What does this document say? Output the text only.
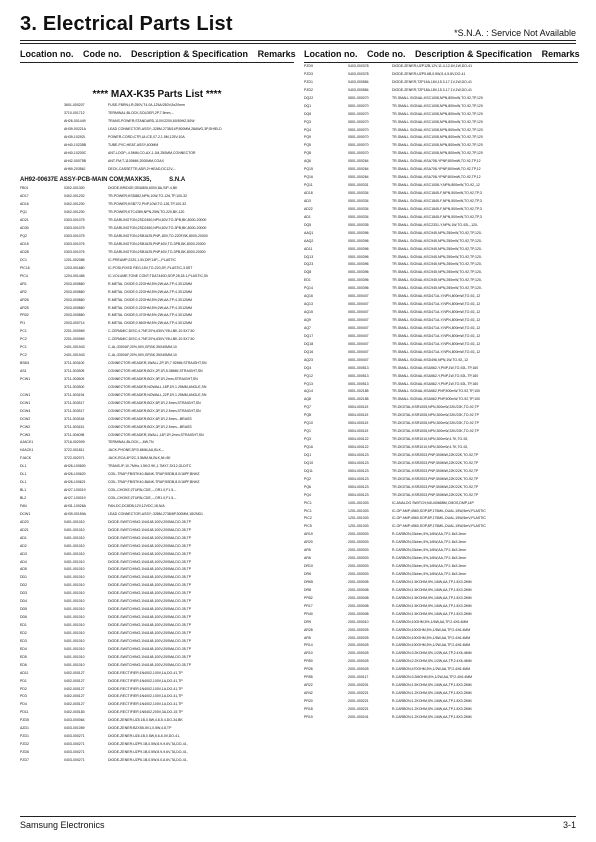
3. Electrical Parts List	*S.N.A. : Service Not Available
Location no. Code no. Description & Specification Remarks
**** MAX-K35 Parts List ****
3601-000207	FUSE-FBRN;LR;250V,T4.0A,125A/250V,5x20mm
3710-001712	TERMINAL;BLOCK,SOLDER,2P,7.5mm,--
AH26-001449	TRANS-POWER;STANDARD,110V/220V,60/50HZ,50W
AH39-00221A	LEAD CONNECTOR-ASSY;-328M-2738/14P,500MM,28AWG,3P,SHIELD
AH39-10292L	POWER-CORD;CTR,UL/CE,07.2,1.5M,125V,10A
AH40-10235B	TUBE-PVC;HEAT-ASSY,400MM
AH40-10200C	ANT-LOOP;-4.5MM,CO-AX,1.1M,250MM,CONNECTOR
AH42-00075B	ANT-FM;T-1100MM,2000MM,COAX
AH59-20356J	DECK-CASSETTE;ADR,2+HEAD,DC12V,--
AH92-00637E ASSY-PCB-MAIN COM;MAXK35,	S.N.A
FB01	0302-001300	DIODE-BRIDGE;GBU806,600V,8A,SIP-4,BK
AD17	0402-001202	TR-POWER;KSD882,NPN,10W,TO-126,TP,100-32
AD16	0402-001200	TR-POWER;KSB772,PNP,10W,TO-126,TP,100-32
PQ1	0402-001200	TR-POWER;KTC4389,NPN,25W,TO-220,BK,120
AD21	0303-001075	TR-DARLINGTON;2SD2450,NPN,60V,TO-3PB,BK,8000-20000
AD30	0303-001075	TR-DARLINGTON;2SD2450,NPN,60V,TO-3PB,BK,8000-20000
PQ2	0303-001075	TR-DARLINGTON;2SB1625,PNP,-80V,TO-220F,BK,8000-20000
AD15	0303-001076	TR-DARLINGTON;2SB1625,PNP,60V,TO-3PB,BK,8000-20000
AD28	0303-001076	TR-DARLINGTON;2SB1625,PNP,60V,TO-3PB,BK,8000-20000
DC1	1201-002085	IC-PREAMP;2220,1.5V,DIP,14P,--,PLASTIC
PIC16	1203-001680	IC-POSI;FIXED REG;15V,TO-220,3P,-PLASTIC,3.5ST
PIC4	1204-001465	IC-VOLUME;TONE CONT;TDA7440D;SOP,28,18.1,PLASTIC,5V
AR1	2003-000860	R-METAL OXIDE;0.22OHM;5%;2W;AA;TP;4.3X12MM
AR2	2003-000860	R-METAL OXIDE;0.22OHM;5%;2W;AA;TP;4.3X12MM
AR26	2003-000860	R-METAL OXIDE;0.22OHM;5%;2W;AA;TP;4.3X12MM
AR25	2003-000860	R-METAL OXIDE;0.22OHM;5%;2W;AA;TP;4.3X12MM
PR02	2003-000860	R-METAL OXIDE;0.47OHM;5%;2W;AA;TP;4.3X12MM
PI1	2003-000714	R-METAL OXIDE;0.56OHM;5%;2W;AA;TP;4.3X12MM
PC1	2201-000969	C-CERAMIC;DISC;4.7NF,20%,630V,Y5U,BK,10.5X7.50
PC2	2201-000969	C-CERAMIC;DISC;4.7NF,20%,630V,Y5U,BK,10.5X7.50
PC1	2401-001943	C-AL;3300UF,20%,50V,GP,BK,35X40MM,10
PC2	2401-001943	C-AL;3300UF,20%,50V,GP,BK,35X40MM,10
BSM1	3711-003100	CONNECTOR-HEADER;1WALL,2P,1R,7.92MM,STRAIGHT,SN
AS1	3711-003305	CONNECTOR-HEADER;BOX,2P,1R,5.08MM,STRAIGHT,SN
PCW1	3711-002609	CONNECTOR-HEADER;BOX,9P,1R,2mm,STRAIGHT,SN
3711-003300	CONNECTOR-HEADER;NOWALL,18P,1R,1.25MM,ANGLE,SN
CCW1	3711-003194	CONNECTOR-HEADER;NOWALL,22P,1R,1.25MM,ANGLE,SN
DCW1	3711-003317	CONNECTOR-HEADER;BOX,5P,1R,2.5mm,STRAIGHT,SN
DCW4	3711-003317	CONNECTOR-HEADER;BOX,3P,1R,2.5mm,STRAIGHT,SN
DCW2	3711-003318	CONNECTOR-HEADER;BOX,6P,1R,2.5mm,--BRASS
PCW2	3711-003151	CONNECTOR-HEADER;BOX,3P,1R,2.5mm,--BRASS
PCW3	3711-004098	CONNECTOR-HEADER;1WALL,14P,1R,2mm,STRAIGHT,SN
AJACK1	3716-002009	TERMINAL;BLOCK,--,6W,TN
HJACK1	3722-001811	JACK-PHONE;3P/3.6MM,AU,BLK,--
FJACK	3722-002071	JACK-RCA;4P/2C,3.5MM,NI,BLK,NI=50
DL1	AH26-100600	TRANS-IF;10.7MHz,1.5K/2.9K,1.7MX7.3X12,GLD/TC
DL1	AH26-100620	COIL-TRAP;FB/5TK40-BANK-TRAP,5SDB,8.0/16PF,BNHZ
DL1	AH26-100621	COIL-TRAP;FB/5TK40-BANK-TRAP,5SDB,8.0/16PF,BNHZ
BL1	AH27-100019	COIL-CHOKE;2TURN,CDE,--,OR1.0,F1.5,--
BL2	AH27-100019	COIL-CHOKE;2TURN,CDE,--,OR1.0,F1.5,--
FAN	AH31-10026A	FAN-DC;DC8DB;12V,12VDC,18,N/A
DCW1	AH39-00159A	LEAD CONNECTOR-ASSY;-328M-2738/6P,300MM,18/2ND1
AD23	0401-001010	DIODE-SWITCHING;1N4148,100V,200MA,DO-35,TP
AD21	0401-001010	DIODE-SWITCHING;1N4148,100V,200MA,DO-35,TP
AD1	0401-001010	DIODE-SWITCHING;1N4148,100V,200MA,DO-35,TP
AD2	0401-001010	DIODE-SWITCHING;1N4148,100V,200MA,DO-35,TP
AD3	0401-001010	DIODE-SWITCHING;1N4148,100V,200MA,DO-35,TP
AD4	0401-001010	DIODE-SWITCHING;1N4148,100V,200MA,DO-35,TP
AD5	0401-001010	DIODE-SWITCHING;1N4148,100V,200MA,DO-35,TP
DD1	0401-001010	DIODE-SWITCHING;1N4148,100V,200MA,DO-35,TP
DD2	0401-001010	DIODE-SWITCHING;1N4148,100V,200MA,DO-35,TP
DD3	0401-001010	DIODE-SWITCHING;1N4148,100V,200MA,DO-35,TP
DD4	0401-001010	DIODE-SWITCHING;1N4148,100V,200MA,DO-35,TP
DD5	0401-001010	DIODE-SWITCHING;1N4148,100V,200MA,DO-35,TP
DD6	0401-001010	DIODE-SWITCHING;1N4148,100V,200MA,DO-35,TP
ED1	0401-001010	DIODE-SWITCHING;1N4148,100V,200MA,DO-35,TP
ED2	0401-001010	DIODE-SWITCHING;1N4148,100V,200MA,DO-35,TP
ED3	0401-001010	DIODE-SWITCHING;1N4148,100V,200MA,DO-35,TP
ED4	0401-001010	DIODE-SWITCHING;1N4148,100V,200MA,DO-35,TP
ED5	0401-001010	DIODE-SWITCHING;1N4148,100V,200MA,DO-35,TP
ED6	0401-001010	DIODE-SWITCHING;1N4148,100V,200MA,DO-35,TP
AD11	0402-000127	DIODE-RECTIFIER;1N4002,100V,1A,DO-41,TP
PD1	0402-000127	DIODE-RECTIFIER;1N4002,100V,1A,DO-41,TP
PD2	0402-000127	DIODE-RECTIFIER;1N4002,100V,1A,DO-41,TP
PD3	0402-000127	DIODE-RECTIFIER;1N4002,100V,1A,DO-41,TP
PD4	0402-000127	DIODE-RECTIFIER;1N4002,100V,1A,DO-41,TP
PD11	0402-000183	DIODE-RECTIFIER;1N5402,200V,3A,DO-15,TP
PZD5	0403-000064	DIODE-ZENER;UZ5.1B,0.5W,4.8-5.4,DO-34,BK
AZD1	0403-001059	DIODE-ZENER;BZX55-5V1,0.5W,4.8,TP
PZD1	0403-000271	DIODE-ZENER;UZ6.1B,0.5W,5.6-6.0V,DO-41,
PZD2	0403-000271	DIODE-ZENER;UZP9.1B,0.5W,8.9-9.6V,TA,DO-41,
PZD6	0403-000271	DIODE-ZENER;UZP9.1B,0.5W,8.9-9.6V,TA,DO-41,
PZD7	0403-000271	DIODE-ZENER;UZP6.1B,0.5W,6.0-6.6V,TA,DO-41,
Location no. Code no. Description & Specification Remarks
PZD9	0403-000378	DIODE-ZENER;UZP12B,12V,11.4-12.6V,1W,DO-41
PZD3	0403-000378	DIODE-ZENER;UZP5.6B,0.5W,5.4-5.8V,DO-41
PZD1	0403-000584	DIODE-ZENER;TZP16A,16V,15.3-17.1V,1W,DO-41
PZD2	0403-000584	DIODE-ZENER;TZP18A,18V,15.3-17.1V,1W,DO-41
DQ22	0501-000070	TR-SMALL SIGNAL;KSC1008,NPN,800mW,TO-92,TP,120
DQ1	0501-000070	TR-SMALL SIGNAL;KSC1008,NPN,800mW,TO-92,TP,120
DQ6	0501-000070	TR-SMALL SIGNAL;KSC1008,NPN,800mW,TO-92,TP,120
PQ3	0501-000070	TR-SMALL SIGNAL;KSC1008,NPN,800mW,TO-92,TP,120
PQ4	0501-000070	TR-SMALL SIGNAL;KSC1008,NPN,800mW,TO-92,TP,120
PQ9	0501-000070	TR-SMALL SIGNAL;KSC1008,NPN,800mW,TO-92,TP,120
PQ5	0501-000070	TR-SMALL SIGNAL;KSC1008,NPN,800mW,TO-92,TP,120
PQ8	0501-000070	TR-SMALL SIGNAL;KSC1008,NPN,800mW,TO-92,TP,120
AQ6	0501-000264	TR-SMALL SIGNAL;KSA708-YPNP,800mW,TO-92,TP,12
PQ15	0501-000264	TR-SMALL SIGNAL;KSA708-YPNP,800mW,TO-92,TP,12
PQ16	0501-000264	TR-SMALL SIGNAL;KSA708-YPNP,800mW,TO-92,TP,12
PQ11	0501-000331	TR-SMALL SIGNAL;KSC1008-Y,NPN,800mW,TO-92,,12
AD18	0501-000334	TR-SMALL SIGNAL;KSC1845-F,NPN,500mW,TO-92,TP,3
AD3	0501-000334	TR-SMALL SIGNAL;KSC1845-F,NPN,500mW,TO-92,TP,3
AD22	0501-000334	TR-SMALL SIGNAL;KSC1845-F,NPN,500mW,TO-92,TP,3
AD1	0501-000334	TR-SMALL SIGNAL;KSC1845-F,NPN,500mW,TO-92,TP,3
DQ5	0501-000335	TR-SMALL SIGNAL;KSC2331-Y,NPN,1W,TO-92L,,120-
AAQ1	0501-000396	TR-SMALL SIGNAL;KSC945,NPN,250mW,TO-92,TP,120-
AAQ2	0501-000396	TR-SMALL SIGNAL;KSC945,NPN,250mW,TO-92,TP,120-
AD11	0501-000396	TR-SMALL SIGNAL;KSC945,NPN,250mW,TO-92,TP,120-
DQ13	0501-000396	TR-SMALL SIGNAL;KSC945,NPN,250mW,TO-92,TP,120-
DQ23	0501-000396	TR-SMALL SIGNAL;KSC945,NPN,250mW,TO-92,TP,120-
DQ8	0501-000396	TR-SMALL SIGNAL;KSC945,NPN,250mW,TO-92,TP,120-
ED1	0501-000396	TR-SMALL SIGNAL;KSC945,NPN,250mW,TO-92,TP,120-
PQ14	0501-000396	TR-SMALL SIGNAL;KSC945,NPN,250mW,TO-92,TP,120-
AQ16	0501-000407	TR-SMALL SIGNAL;KSD471A-Y,NPN,800mW,TO-92,,12
AQ13	0501-000407	TR-SMALL SIGNAL;KSD471A-Y,NPN,800mW,TO-92,,12
AQ15	0501-000407	TR-SMALL SIGNAL;KSD471A-Y,NPN,800mW,TO-92,,12
AQ9	0501-000407	TR-SMALL SIGNAL;KSD471A-Y,NPN,800mW,TO-92,,12
AQ7	0501-000407	TR-SMALL SIGNAL;KSD471A-Y,NPN,800mW,TO-92,,12
DQ17	0501-000407	TR-SMALL SIGNAL;KSD471A-Y,NPN,800mW,TO-92,,12
DQ18	0501-000407	TR-SMALL SIGNAL;KSD471A-Y,NPN,800mW,TO-92,,12
DQ16	0501-000407	TR-SMALL SIGNAL;KSD471A-Y,NPN,800mW,TO-92,,12
AQ23	0501-000407	TR-SMALL SIGNAL;KSD496,NPN,1W,TO-92,,12
DQ4	0501-000513	TR-SMALL SIGNAL;KSA562-Y,PNP,1W,TO-92L,TP,160
PQ12	0501-000513	TR-SMALL SIGNAL;KSA562-Y,PNP,1W,TO-92L,TP,160
PQ13	0501-000513	TR-SMALL SIGNAL;KSA562-Y,PNP,1W,TO-92L,TP,160
AQ14	0501-002185	TR-SMALL SIGNAL;KSA562,PNP,500mW,TO-92,TP,100
AQ8	0501-002185	TR-SMALL SIGNAL;KSA562,PNP,500mW,TO-92,TP,100
PQ7	0504-000119	TR-DIGITAL;KSR1005,NPN,300mW,22K/22K,TO-92,TP
PQ8	0504-000119	TR-DIGITAL;KSR1005,NPN,300mW,22K/22K,TO-92,TP
PQ10	0504-000119	TR-DIGITAL;KSR1005,NPN,300mW,22K/22K,TO-92,TP
PQ1	0504-000119	TR-DIGITAL;KSR1005,NPN,300mW,22K/22K,TO-92,TP
PQ3	0504-000122	TR-DIGITAL;KSR1010,NPN,300mW,4.7K,TO-92,
PQ16	0504-000122	TR-DIGITAL;KSR1010,NPN,300mW,4.7K,TO-92,
DQ1	0504-000123	TR-DIGITAL;KSR2003,PNP,300MW,22K/22K,TO-92,TP
DQ10	0504-000123	TR-DIGITAL;KSR2003,PNP,300MW,22K/22K,TO-92,TP
DQ11	0504-000123	TR-DIGITAL;KSR2003,PNP,300MW,22K/22K,TO-92,TP
PQ2	0504-000123	TR-DIGITAL;KSR2003,PNP,300MW,22K/22K,TO-92,TP
PQ6	0504-000123	TR-DIGITAL;KSR2003,PNP,300MW,22K/22K,TO-92,TP
PQ4	0504-000123	TR-DIGITAL;KSR2003,PNP,300MW,22K/22K,TO-92,TP
PIC1	1001-001003	IC-ANALOG SWITCH;NJU4066BM,CMOS,DMP,14P
PIC1	1201-001003	IC-OP AMP;4560,SOP,8P,175MIL,DUAL,15W,5mV,PLASTIC
PIC2	1201-001003	IC-OP AMP;4560,SOP,8P,175MIL,DUAL,15W,5mV,PLASTIC
PIC5	1201-001003	IC-OP AMP;4560,SOP,8P,175MIL,DUAL,15W,5mV,PLASTIC
AR19	2001-000003	R-CARBON;33ohm,5%,1/6W,AA,TP,1.8x3.2mm
AR20	2001-000003	R-CARBON;33ohm,5%,1/6W,AA,TP,1.8x3.2mm
AR5	2001-000003	R-CARBON;33ohm,5%,1/6W,AA,TP,1.8x3.2mm
AR6	2001-000003	R-CARBON;33ohm,5%,1/6W,AA,TP,1.8x3.2mm
DR10	2001-000003	R-CARBON;33ohm,5%,1/6W,AA,TP,1.8x3.2mm
DR6	2001-000003	R-CARBON;33ohm,5%,1/6W,AA,TP,1.8x3.2mm
DR65	2001-000005	R-CARBON;1.5KOHM,5%,1/6W,AA,TP,1.8X3.2MM
DR8	2001-000008	R-CARBON;1.5KOHM,5%,1/6W,AA,TP,1.8X3.2MM
PR52	2001-000008	R-CARBON;1.5KOHM,5%,1/6W,AA,TP,1.8X3.2MM
PR17	2001-000008	R-CARBON;1.5KOHM,5%,1/6W,AA,TP,1.8X3.2MM
PR40	2001-000008	R-CARBON;1.5KOHM,5%,1/6W,AA,TP,1.8X3.2MM
DR9	2001-000010	R-CARBON;10OHM,5%,1/6W,AA,TP,2.4X6.4MM
AR28	2001-000025	R-CARBON;100OHM,5%,1/6W,AA,TP,2.4X6.4MM
AR5	2001-000025	R-CARBON;100OHM,5%,1/6W,AA,TP,2.4X6.4MM
PR14	2001-000025	R-CARBON;100OHM,5%,1/2W,AA,TP,2.4X6.4MM
AR10	2001-000025	R-CARBON;3.3KOHM,5%,1/2W,AA,TP,2.4X6.4MM
PR50	2001-000025	R-CARBON;2.2KOHM,5%,1/2W,AA,TP,2.4X6.4MM
PR26	2001-000025	R-CARBON;470OHM,5%,1/2W,AA,TP,2.4X6.4MM
PR55	2001-000117	R-CARBON;3.3MOHM,5%,1/2W,AA,TP,2.4X6.4MM
AR22	2001-000201	R-CARBON;1.5KOHM,5%,1/6W,AA,TP,1.8X3.2MM
AR42	2001-000221	R-CARBON;1.2KOHM,5%,1/6W,AA,TP,1.8X3.2MM
PR20	2001-000221	R-CARBON;1.2KOHM,5%,1/6W,AA,TP,1.8X3.2MM
PR18	2001-000221	R-CARBON;1.2KOHM,5%,1/6W,AA,TP,1.8X3.2MM
PR19	2001-000241	R-CARBON;1.2KOHM,5%,1/6W,AA,TP,1.8X3.2MM
Samsung Electronics	3-1
